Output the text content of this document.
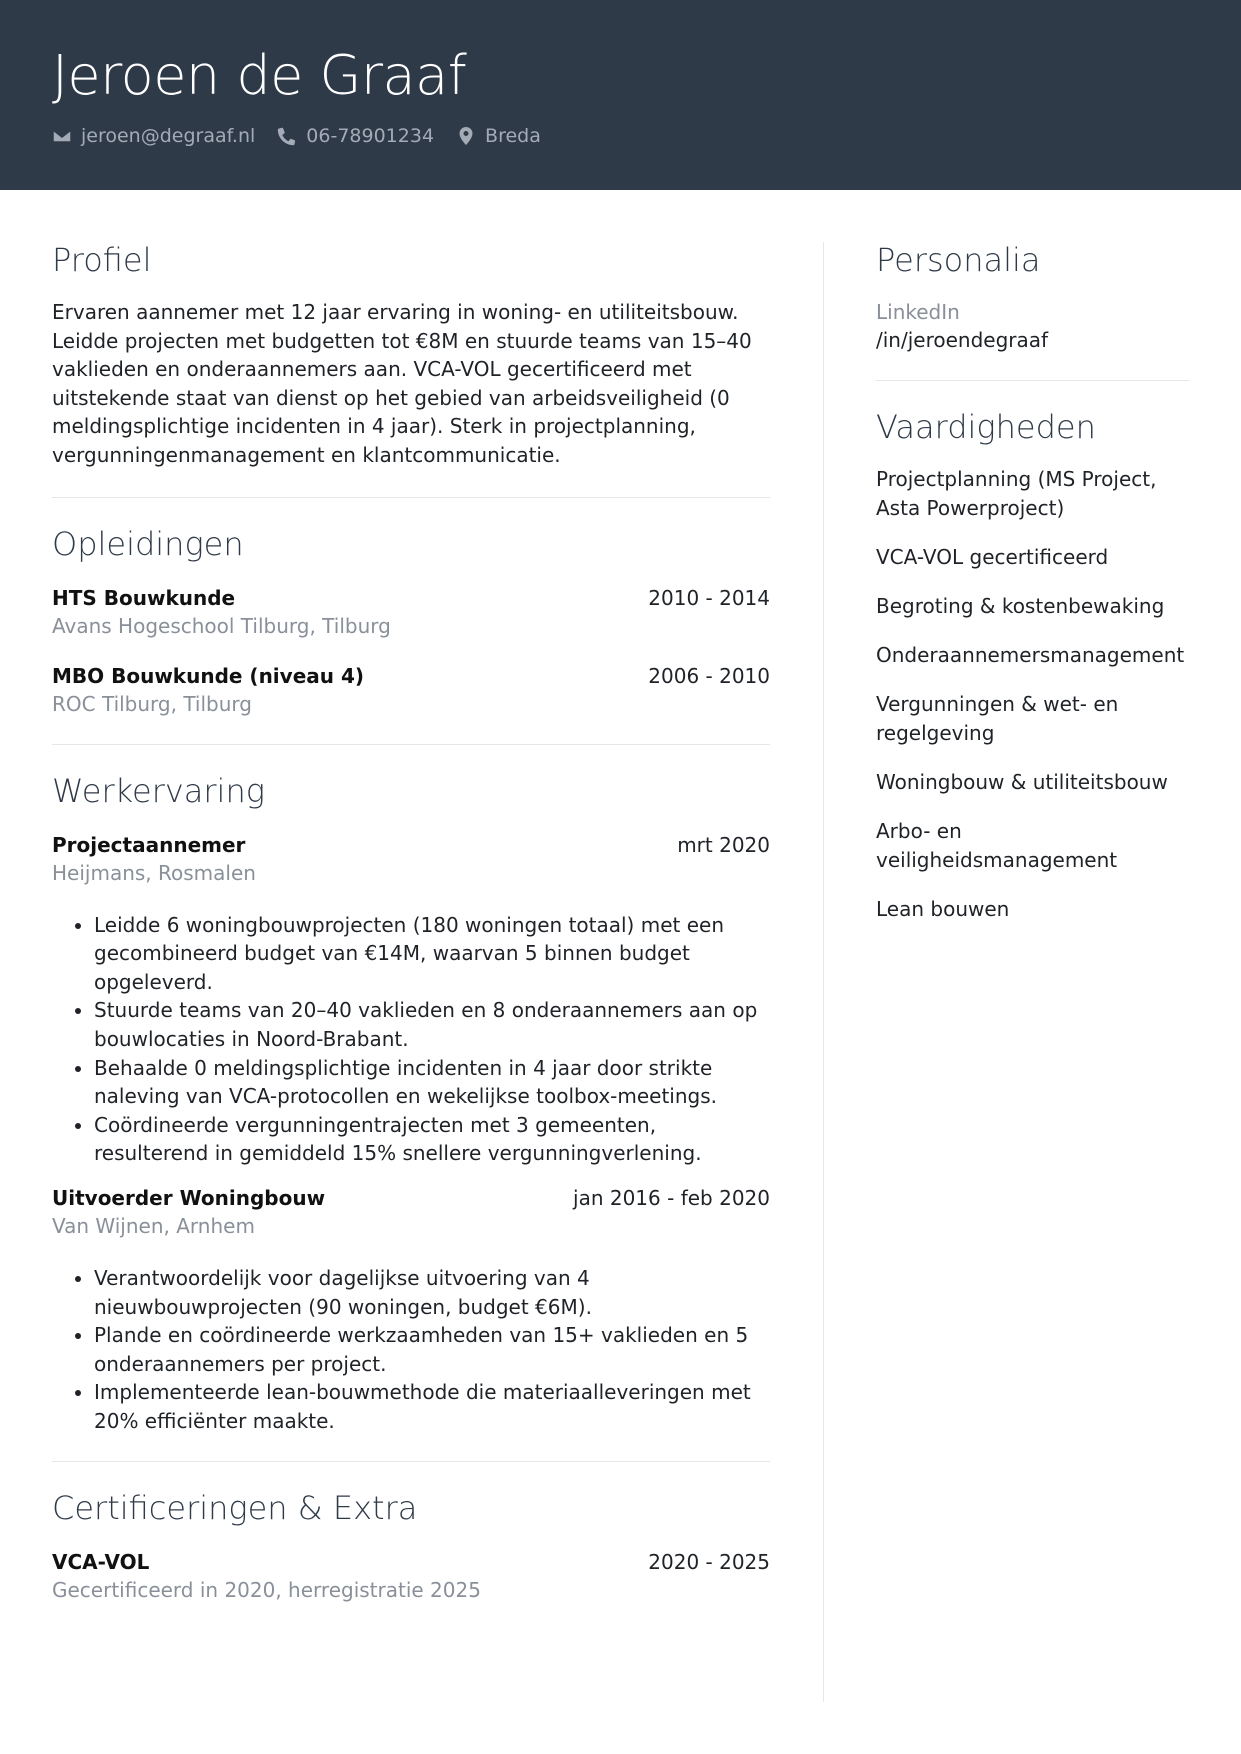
Jeroen de Graaf
jeroen@degraaf.nl	06-78901234	Breda
Profiel

Ervaren aannemer met 12 jaar ervaring in woning- en utiliteitsbouw. Leidde projecten met budgetten tot €8M en stuurde teams van 15–40 vaklieden en onderaannemers aan. VCA-VOL gecertificeerd met uitstekende staat van dienst op het gebied van arbeidsveiligheid (0 meldingsplichtige incidenten in 4 jaar). Sterk in projectplanning, vergunningenmanagement en klantcommunicatie.

Opleidingen
HTS Bouwkunde	2010 - 2014
Avans Hogeschool Tilburg, Tilburg
MBO Bouwkunde (niveau 4)	2006 - 2010
ROC Tilburg, Tilburg
Werkervaring
Projectaannemer	mrt 2020
Heijmans, Rosmalen
• Leidde 6 woningbouwprojecten (180 woningen totaal) met een gecombineerd budget van €14M, waarvan 5 binnen budget opgeleverd.
• Stuurde teams van 20–40 vaklieden en 8 onderaannemers aan op bouwlocaties in Noord-Brabant.
• Behaalde 0 meldingsplichtige incidenten in 4 jaar door strikte naleving van VCA-protocollen en wekelijkse toolbox-meetings.
• Coördineerde vergunningentrajecten met 3 gemeenten, resulterend in gemiddeld 15% snellere vergunningverlening.
Uitvoerder Woningbouw	jan 2016 - feb 2020
Van Wijnen, Arnhem
• Verantwoordelijk voor dagelijkse uitvoering van 4 nieuwbouwprojecten (90 woningen, budget €6M).
• Plande en coördineerde werkzaamheden van 15+ vaklieden en 5 onderaannemers per project.
• Implementeerde lean-bouwmethode die materiaalleveringen met 20% efficiënter maakte.
Certificeringen & Extra
VCA-VOL	2020 - 2025
Gecertificeerd in 2020, herregistratie 2025
Personalia
LinkedIn
/in/jeroendegraaf
Vaardigheden
Projectplanning (MS Project, Asta Powerproject)
VCA-VOL gecertificeerd
Begroting & kostenbewaking
Onderaannemersmanagement
Vergunningen & wet- en regelgeving
Woningbouw & utiliteitsbouw
Arbo- en veiligheidsmanagement
Lean bouwen
